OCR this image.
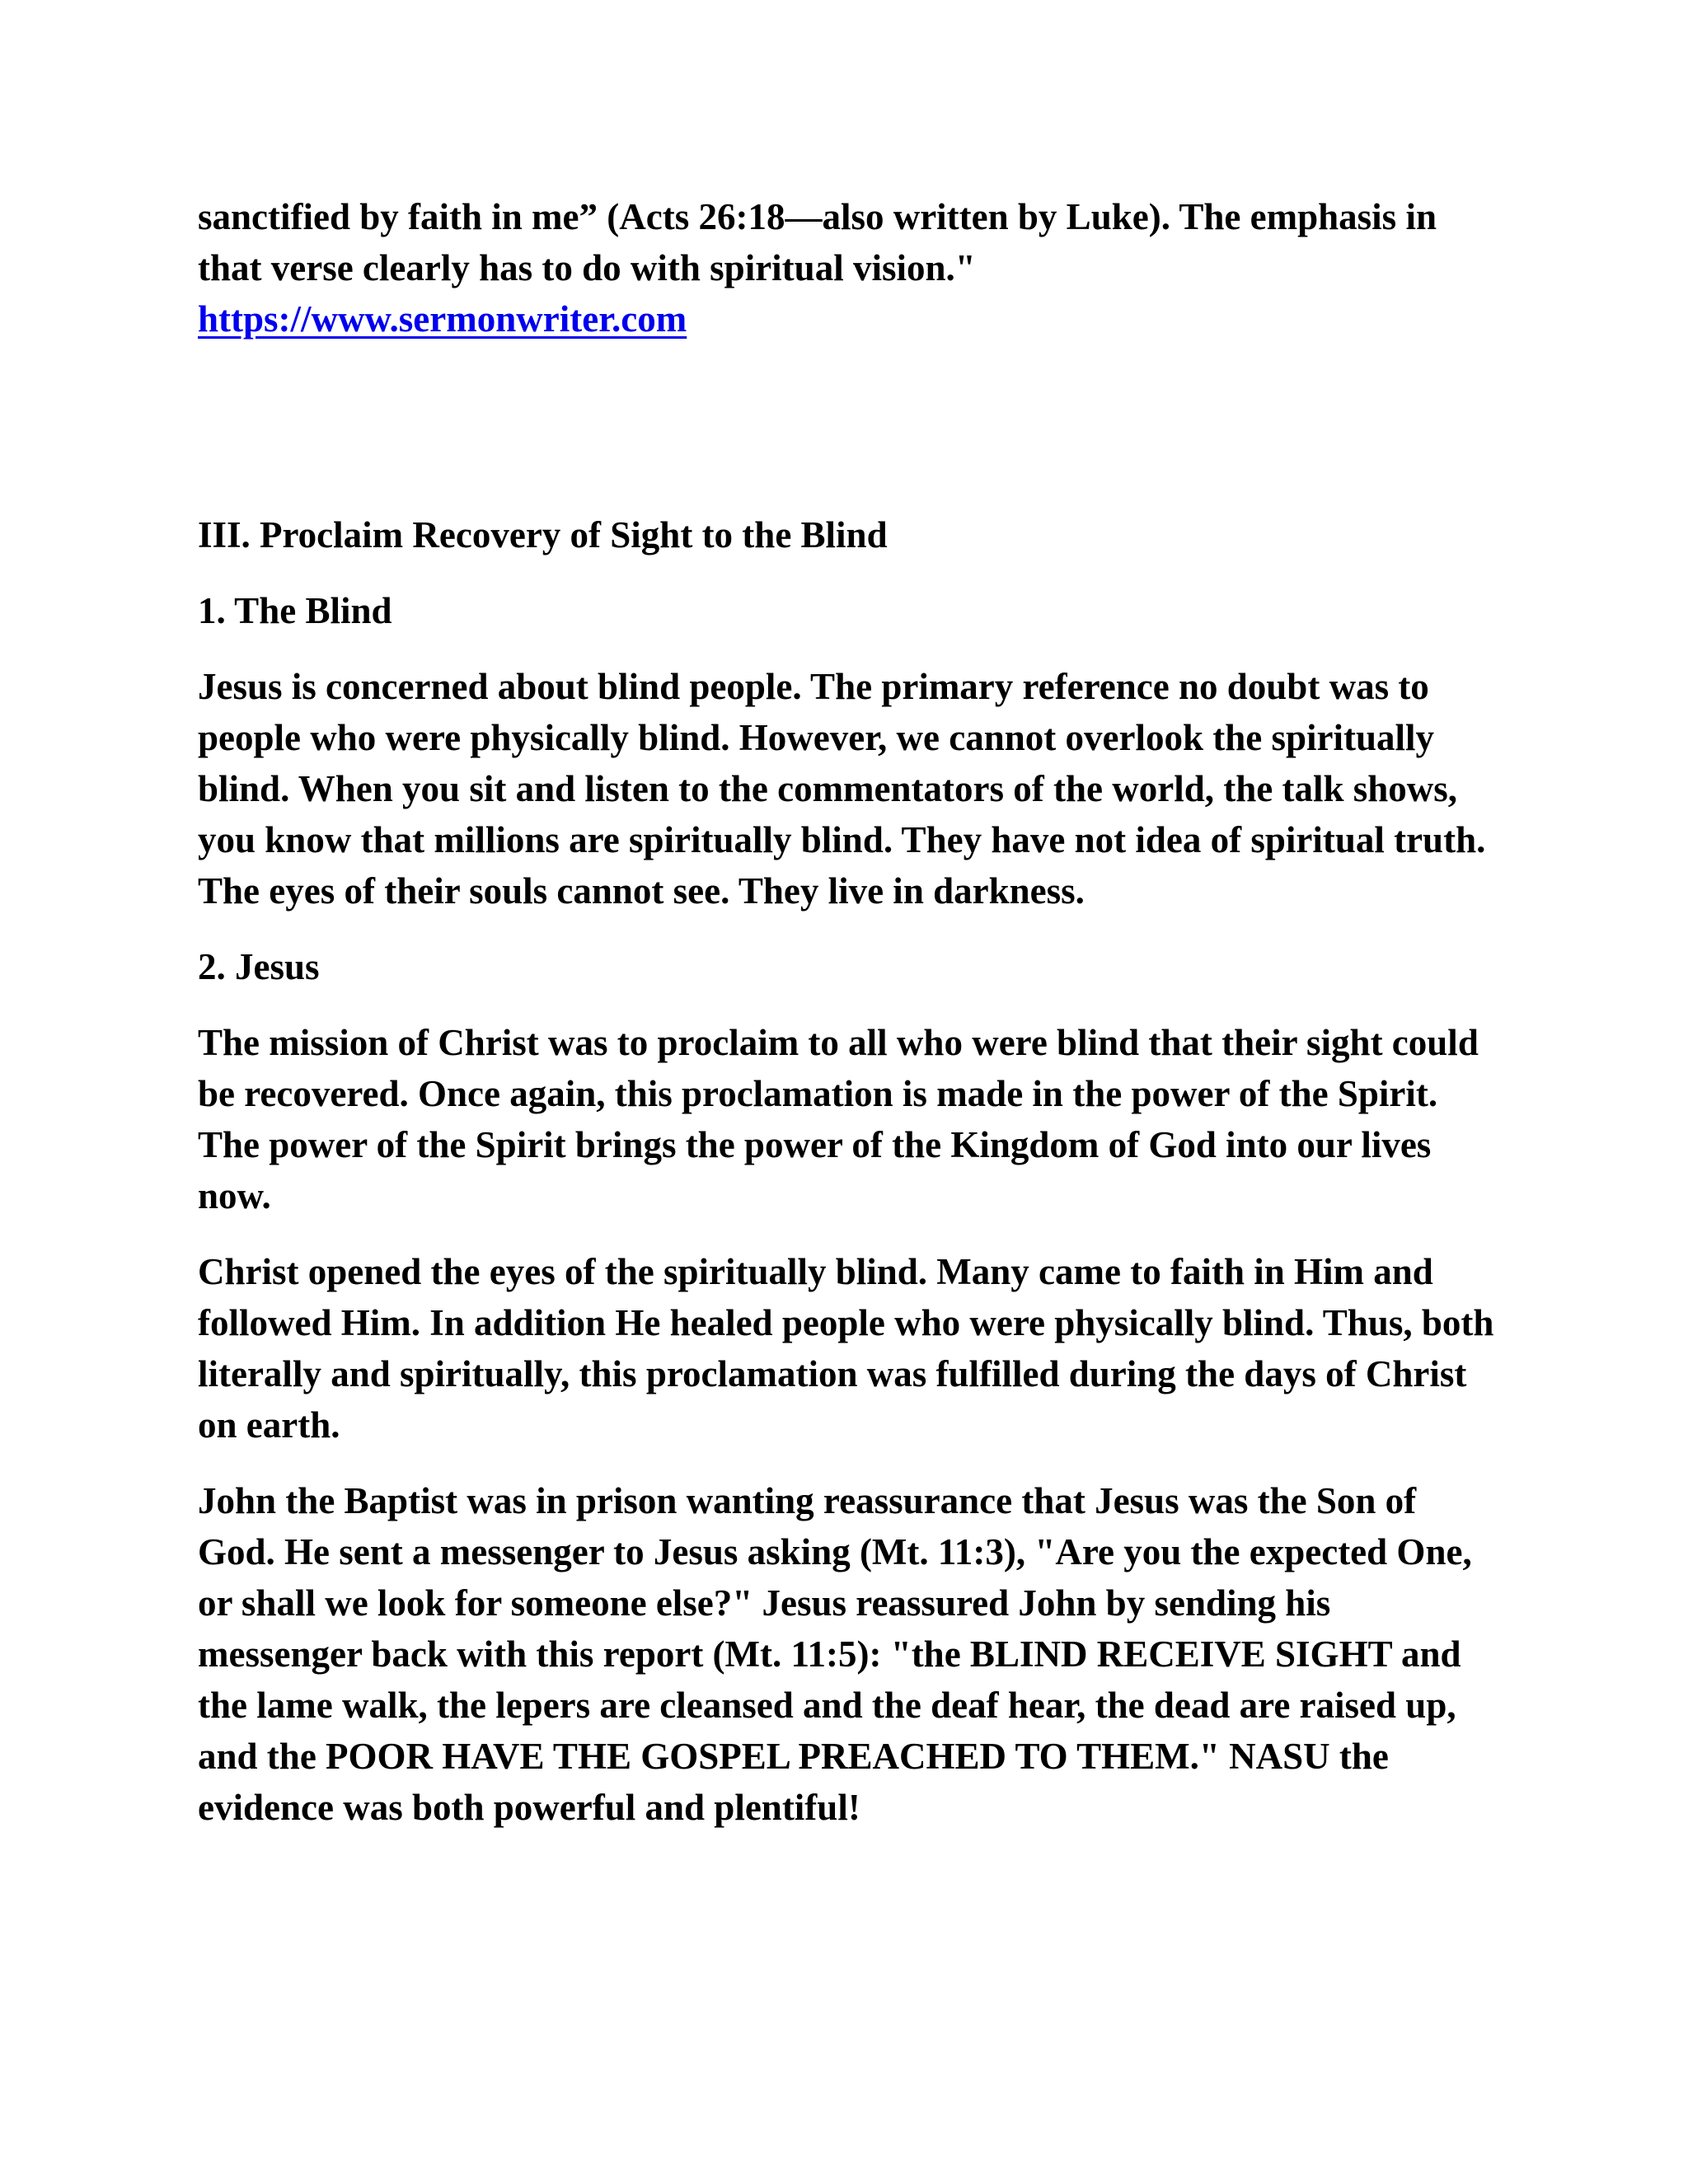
sanctified by faith in me” (Acts 26:18—also written by Luke). The emphasis in

that verse clearly has to do with spiritual vision."

https://www.sermonwriter.com

III. Proclaim Recovery of Sight to the Blind

1. The Blind

Jesus is concerned about blind people. The primary reference no doubt was to people who were physically blind. However, we cannot overlook the spiritually blind. When you sit and listen to the commentators of the world, the talk shows, you know that millions are spiritually blind. They have not idea of spiritual truth. The eyes of their souls cannot see. They live in darkness.

2. Jesus

The mission of Christ was to proclaim to all who were blind that their sight could be recovered. Once again, this proclamation is made in the power of the Spirit. The power of the Spirit brings the power of the Kingdom of God into our lives now.

Christ opened the eyes of the spiritually blind. Many came to faith in Him and followed Him. In addition He healed people who were physically blind. Thus, both literally and spiritually, this proclamation was fulfilled during the days of Christ on earth.

John the Baptist was in prison wanting reassurance that Jesus was the Son of God. He sent a messenger to Jesus asking (Mt. 11:3), "Are you the expected One, or shall we look for someone else?" Jesus reassured John by sending his messenger back with this report (Mt. 11:5): "the BLIND RECEIVE SIGHT and the lame walk, the lepers are cleansed and the deaf hear, the dead are raised up, and the POOR HAVE THE GOSPEL PREACHED TO THEM." NASU the evidence was both powerful and plentiful!
